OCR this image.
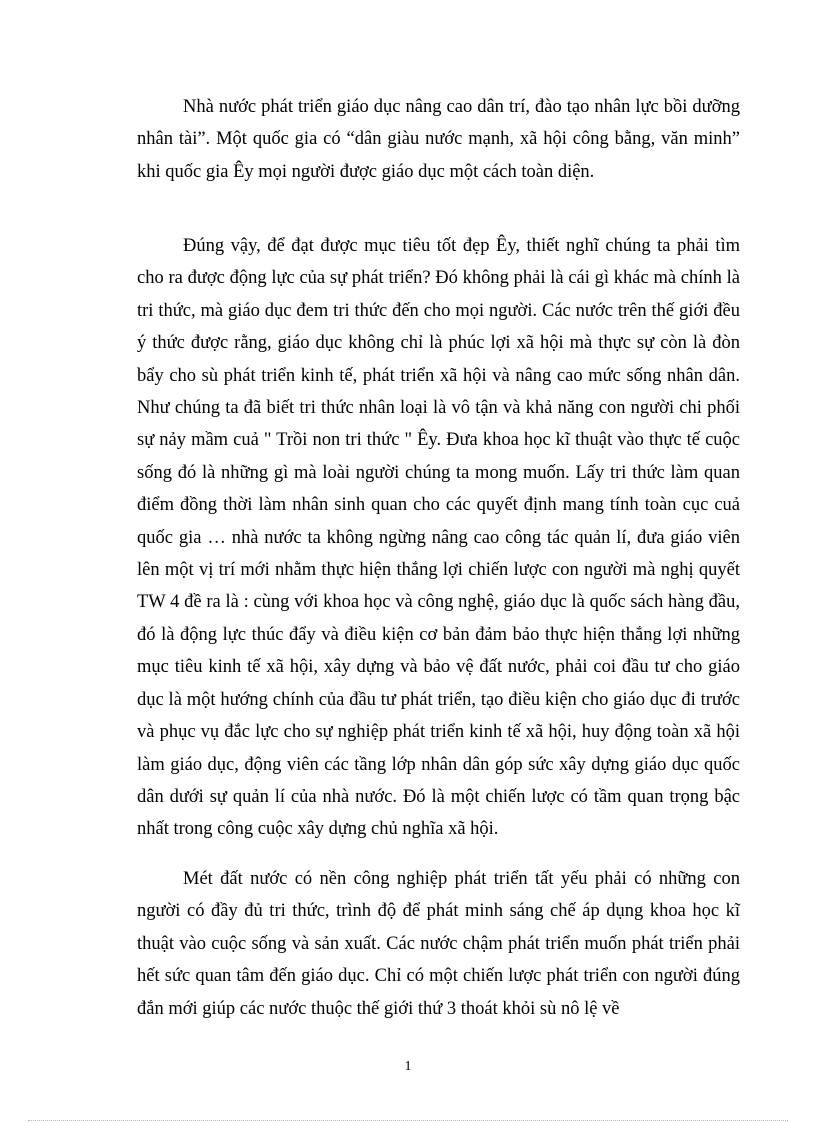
Nhà nước phát triển giáo dục nâng cao dân trí, đào tạo nhân lực bồi dưỡng nhân tài”. Một quốc gia có “dân giàu nước mạnh, xã hội công bằng, văn minh” khi quốc gia Êy mọi người được giáo dục một cách toàn diện.

Đúng vậy, để đạt được mục tiêu tốt đẹp Êy, thiết nghĩ chúng ta phải tìm cho ra được động lực của sự phát triển? Đó không phải là cái gì khác mà chính là tri thức, mà giáo dục đem tri thức đến cho mọi người. Các nước trên thế giới đều ý thức được rằng, giáo dục không chỉ là phúc lợi xã hội mà thực sự còn là đòn bẩy cho sù phát triển kinh tế, phát triển xã hội và nâng cao mức sống nhân dân. Như chúng ta đã biết tri thức nhân loại là vô tận và khả năng con người chi phối sự nảy mầm cuả " Trồi non tri thức " Êy. Đưa khoa học kĩ thuật vào thực tế cuộc sống đó là những gì mà loài người chúng ta mong muốn. Lấy tri thức làm quan điểm đồng thời làm nhân sinh quan cho các quyết định mang tính toàn cục cuả quốc gia … nhà nước ta không ngừng nâng cao công tác quản lí, đưa giáo viên lên một vị trí mới nhằm thực hiện thắng lợi chiến lược con người mà nghị quyết TW 4 đề ra là : cùng với khoa học và công nghệ, giáo dục là quốc sách hàng đầu, đó là động lực thúc đẩy và điều kiện cơ bản đảm bảo thực hiện thắng lợi những mục tiêu kinh tế xã hội, xây dựng và bảo vệ đất nước, phải coi đầu tư cho giáo dục là một hướng chính của đầu tư phát triển, tạo điều kiện cho giáo dục đi trước và phục vụ đắc lực cho sự nghiệp phát triển kinh tế xã hội, huy động toàn xã hội làm giáo dục, động viên các tầng lớp nhân dân góp sức xây dựng giáo dục quốc dân dưới sự quản lí của nhà nước. Đó là một chiến lược có tầm quan trọng bậc nhất trong công cuộc xây dựng chủ nghĩa xã hội.

Mét đất nước có nền công nghiệp phát triển tất yếu phải có những con người có đầy đủ tri thức, trình độ để phát minh sáng chế áp dụng khoa học kĩ thuật vào cuộc sống và sản xuất. Các nước chậm phát triển muốn phát triển phải hết sức quan tâm đến giáo dục. Chỉ có một chiến lược phát triển con người đúng đắn mới giúp các nước thuộc thế giới thứ 3 thoát khỏi sù nô lệ về

1
